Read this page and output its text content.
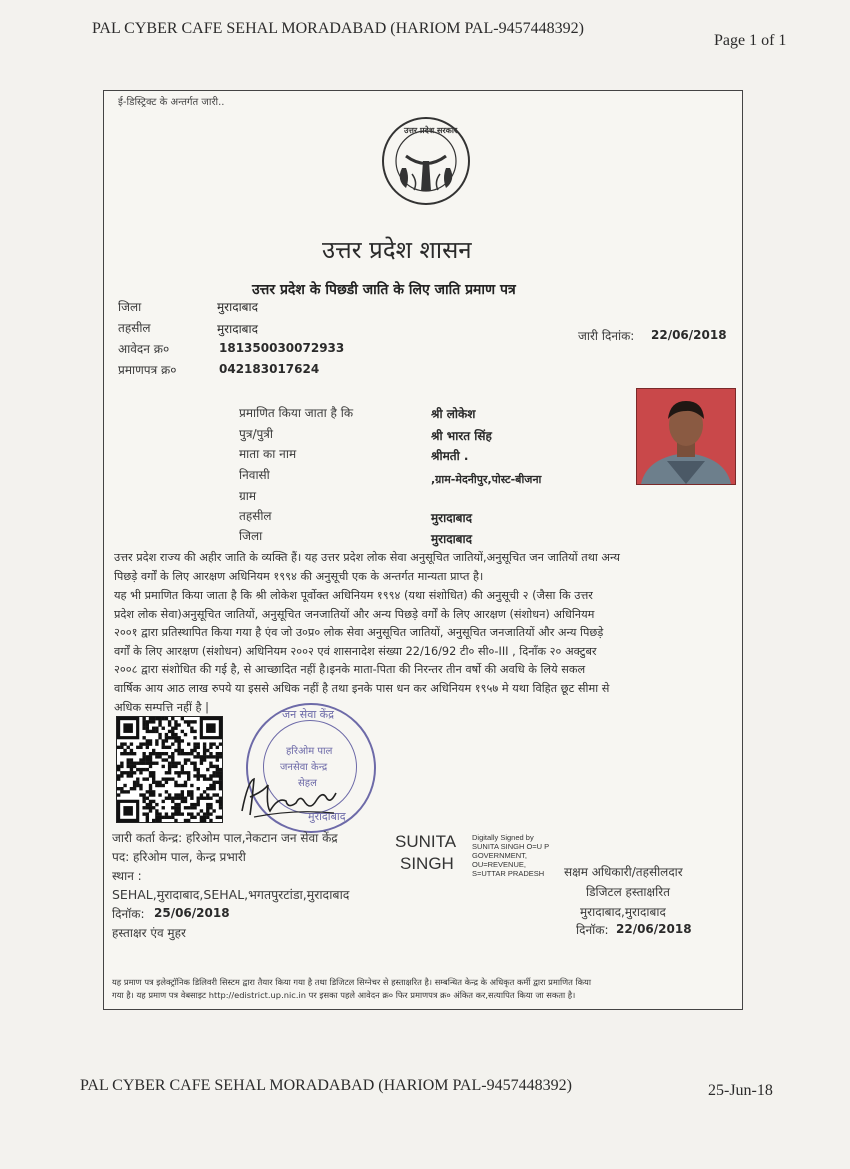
PAL CYBER CAFE SEHAL MORADABAD (HARIOM PAL-9457448392)
Page 1 of 1
ई-डिस्ट्रिक्ट के अन्तर्गत जारी..
उत्तर प्रदेश सरकार
उत्तर प्रदेश शासन
उत्तर प्रदेश के पिछडी जाति के लिए जाति प्रमाण पत्र
जिला	मुरादाबाद
तहसील	मुरादाबाद
आवेदन क्र०	181350030072933
प्रमाणपत्र क्र०	042183017624
जारी दिनांक: 22/06/2018
प्रमाणित किया जाता है कि	श्री लोकेश
पुत्र/पुत्री	श्री भारत सिंह
माता का नाम	श्रीमती .
निवासी	,ग्राम-मेदनीपुर,पोस्ट-बीजना
ग्राम
तहसील	मुरादाबाद
जिला	मुरादाबाद
उत्तर प्रदेश राज्य की अहीर जाति के व्यक्ति हैं। यह उत्तर प्रदेश लोक सेवा अनुसूचित जातियों,अनुसूचित जन जातियों तथा अन्य
पिछड़े वर्गों के लिए आरक्षण अधिनियम १९९४ की अनुसूची एक के अन्तर्गत मान्यता प्राप्त है।
यह भी प्रमाणित किया जाता है कि श्री लोकेश पूर्वोक्त अधिनियम १९९४ (यथा संशोधित) की अनुसूची २ (जैसा कि उत्तर
प्रदेश लोक सेवा)अनुसूचित जातियों, अनुसूचित जनजातियों और अन्य पिछड़े वर्गों के लिए आरक्षण (संशोधन) अधिनियम
२००१ द्वारा प्रतिस्थापित किया गया है एंव जो उ०प्र० लोक सेवा अनुसूचित जातियों, अनुसूचित जनजातियों और अन्य पिछड़े
वर्गों के लिए आरक्षण (संशोधन) अधिनियम २००२ एवं शासनादेश संख्या 22/16/92 टी० सी०-III , दिनाँक २० अक्टुबर
२००८ द्वारा संशोधित की गई है, से आच्छादित नहीं है।इनके माता-पिता की निरन्तर तीन वर्षो की अवधि के लिये सकल
वार्षिक आय आठ लाख रुपये या इससे अधिक नहीं है तथा इनके पास धन कर अधिनियम १९५७ मे यथा विहित छूट सीमा से
अधिक सम्पत्ति नहीं है |
जन सेवा केंद्र
हरिओम पाल
जनसेवा केन्द्र
सेहल
मुरादाबाद
जारी कर्ता केन्द्र: हरिओम पाल,नेकटान जन सेवा केंद्र
पद: हरिओम पाल, केन्द्र प्रभारी
स्थान :
SEHAL,मुरादाबाद,SEHAL,भगतपुरटांडा,मुरादाबाद
दिनॉक: 25/06/2018
हस्ताक्षर एंव मुहर
SUNITA
SINGH
Digitally Signed by
SUNITA SINGH O=U P
GOVERNMENT,
OU=REVENUE,
S=UTTAR PRADESH	सक्षम अधिकारी/तहसीलदार
डिजिटल हस्ताक्षरित
मुरादाबाद,मुरादाबाद
दिनॉक: 22/06/2018
यह प्रमाण पत्र इलेक्ट्रॉनिक डिलिवरी सिस्टम द्वारा तैयार किया गया है तथा डिजिटल सिग्नेचर से हस्ताक्षरित है। सम्बन्धित केन्द्र के अधिकृत कर्मी द्वारा प्रमाणित किया
गया है। यह प्रमाण पत्र वेबसाइट http://edistrict.up.nic.in पर इसका पहले आवेदन क्र० फिर प्रमाणपत्र क्र० अंकित कर,सत्यापित किया जा सकता है।
PAL CYBER CAFE SEHAL MORADABAD (HARIOM PAL-9457448392)	25-Jun-18
